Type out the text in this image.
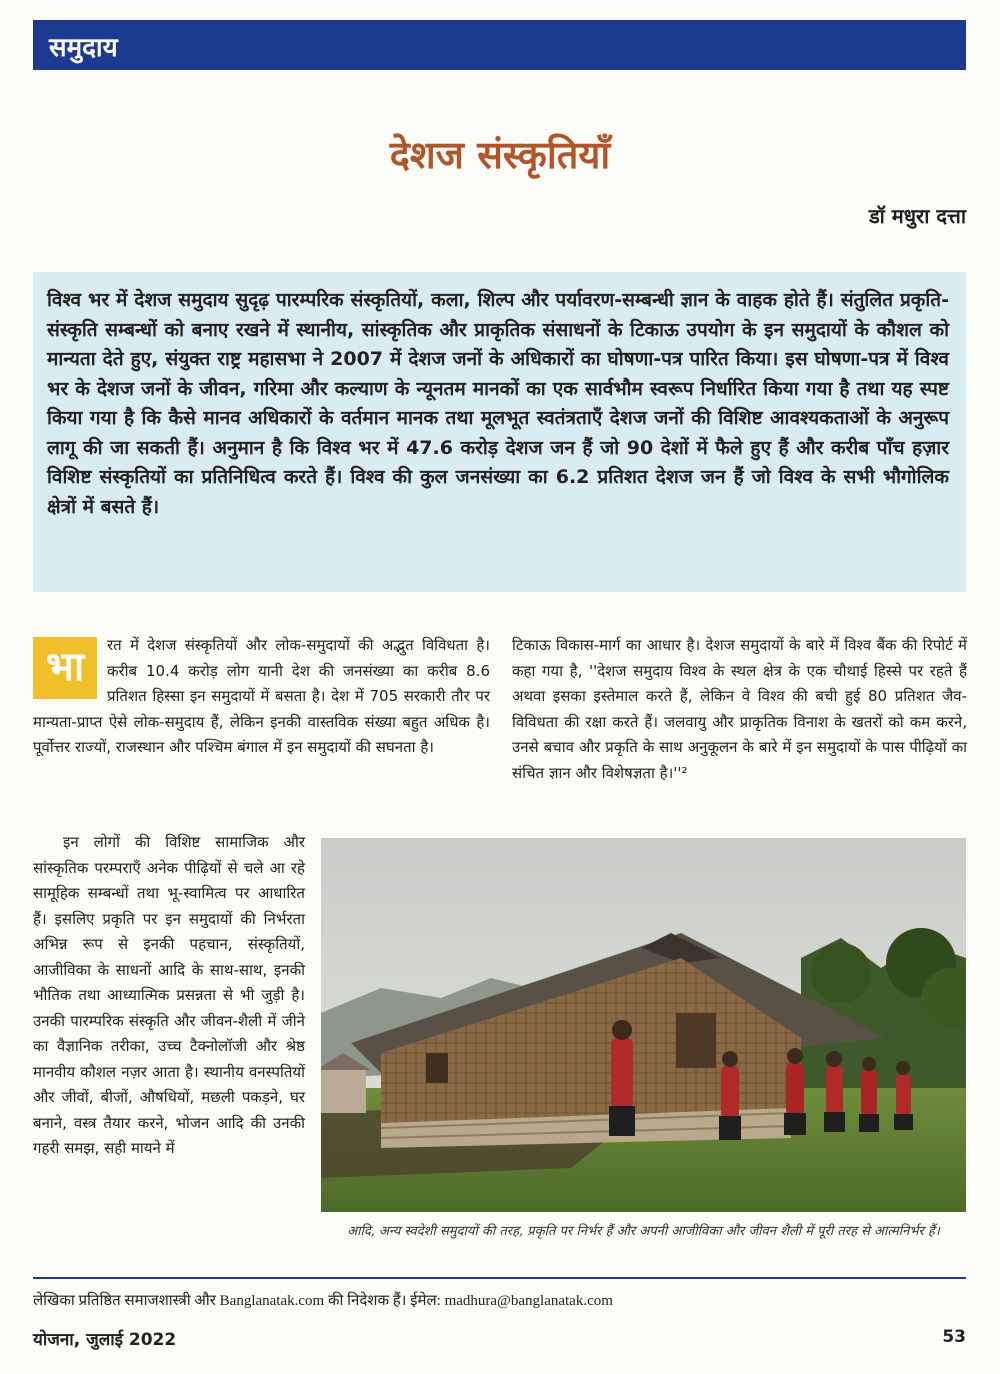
समुदाय
देशज संस्कृतियाँ
डॉ मधुरा दत्ता
विश्व भर में देशज समुदाय सुदृढ़ पारम्परिक संस्कृतियों, कला, शिल्प और पर्यावरण-सम्बन्धी ज्ञान के वाहक होते हैं। संतुलित प्रकृति-संस्कृति सम्बन्धों को बनाए रखने में स्थानीय, सांस्कृतिक और प्राकृतिक संसाधनों के टिकाऊ उपयोग के इन समुदायों के कौशल को मान्यता देते हुए, संयुक्त राष्ट्र महासभा ने 2007 में देशज जनों के अधिकारों का घोषणा-पत्र पारित किया। इस घोषणा-पत्र में विश्व भर के देशज जनों के जीवन, गरिमा और कल्याण के न्यूनतम मानकों का एक सार्वभौम स्वरूप निर्धारित किया गया है तथा यह स्पष्ट किया गया है कि कैसे मानव अधिकारों के वर्तमान मानक तथा मूलभूत स्वतंत्रताएँ देशज जनों की विशिष्ट आवश्यकताओं के अनुरूप लागू की जा सकती हैं। अनुमान है कि विश्व भर में 47.6 करोड़ देशज जन हैं जो 90 देशों में फैले हुए हैं और करीब पाँच हज़ार विशिष्ट संस्कृतियों का प्रतिनिधित्व करते हैं। विश्व की कुल जनसंख्या का 6.2 प्रतिशत देशज जन हैं जो विश्व के सभी भौगोलिक क्षेत्रों में बसते हैं।

भा	रत में देशज संस्कृतियों और लोक-समुदायों की अद्भुत विविधता है। करीब 10.4 करोड़ लोग यानी देश की जनसंख्या का करीब 8.6 प्रतिशत हिस्सा इन समुदायों में बसता है। देश में 705 सरकारी तौर पर मान्यता-प्राप्त ऐसे लोक-समुदाय हैं, लेकिन इनकी वास्तविक संख्या बहुत अधिक है। पूर्वोत्तर राज्यों, राजस्थान और पश्चिम बंगाल में इन समुदायों की सघनता है।

इन लोगों की विशिष्ट सामाजिक और सांस्कृतिक परम्पराएँ अनेक पीढ़ियों से चले आ रहे सामूहिक सम्बन्धों तथा भू-स्वामित्व पर आधारित हैं। इसलिए प्रकृति पर इन समुदायों की निर्भरता अभिन्न रूप से इनकी पहचान, संस्कृतियों, आजीविका के साधनों आदि के साथ-साथ, इनकी भौतिक तथा आध्यात्मिक प्रसन्नता से भी जुड़ी है। उनकी पारम्परिक संस्कृति और जीवन-शैली में जीने का वैज्ञानिक तरीका, उच्च टैक्नोलॉजी और श्रेष्ठ मानवीय कौशल नज़र आता है। स्थानीय वनस्पतियों और जीवों, बीजों, औषधियों, मछली पकड़ने, घर बनाने, वस्त्र तैयार करने, भोजन आदि की उनकी गहरी समझ, सही मायने में

टिकाऊ विकास-मार्ग का आधार है। देशज समुदायों के बारे में विश्व बैंक की रिपोर्ट में कहा गया है, ''देशज समुदाय विश्व के स्थल क्षेत्र के एक चौथाई हिस्से पर रहते हैं अथवा इसका इस्तेमाल करते हैं, लेकिन वे विश्व की बची हुई 80 प्रतिशत जैव-विविधता की रक्षा करते हैं। जलवायु और प्राकृतिक विनाश के खतरों को कम करने, उनसे बचाव और प्रकृति के साथ अनुकूलन के बारे में इन समुदायों के पास पीढ़ियों का संचित ज्ञान और विशेषज्ञता है।''²

आदि, अन्य स्वदेशी समुदायों की तरह, प्रकृति पर निर्भर हैं और अपनी आजीविका और जीवन शैली में पूरी तरह से आत्मनिर्भर हैं।
लेखिका प्रतिष्ठित समाजशास्त्री और Banglanatak.com की निदेशक हैं। ईमेल: madhura@banglanatak.com
योजना, जुलाई 2022	53
